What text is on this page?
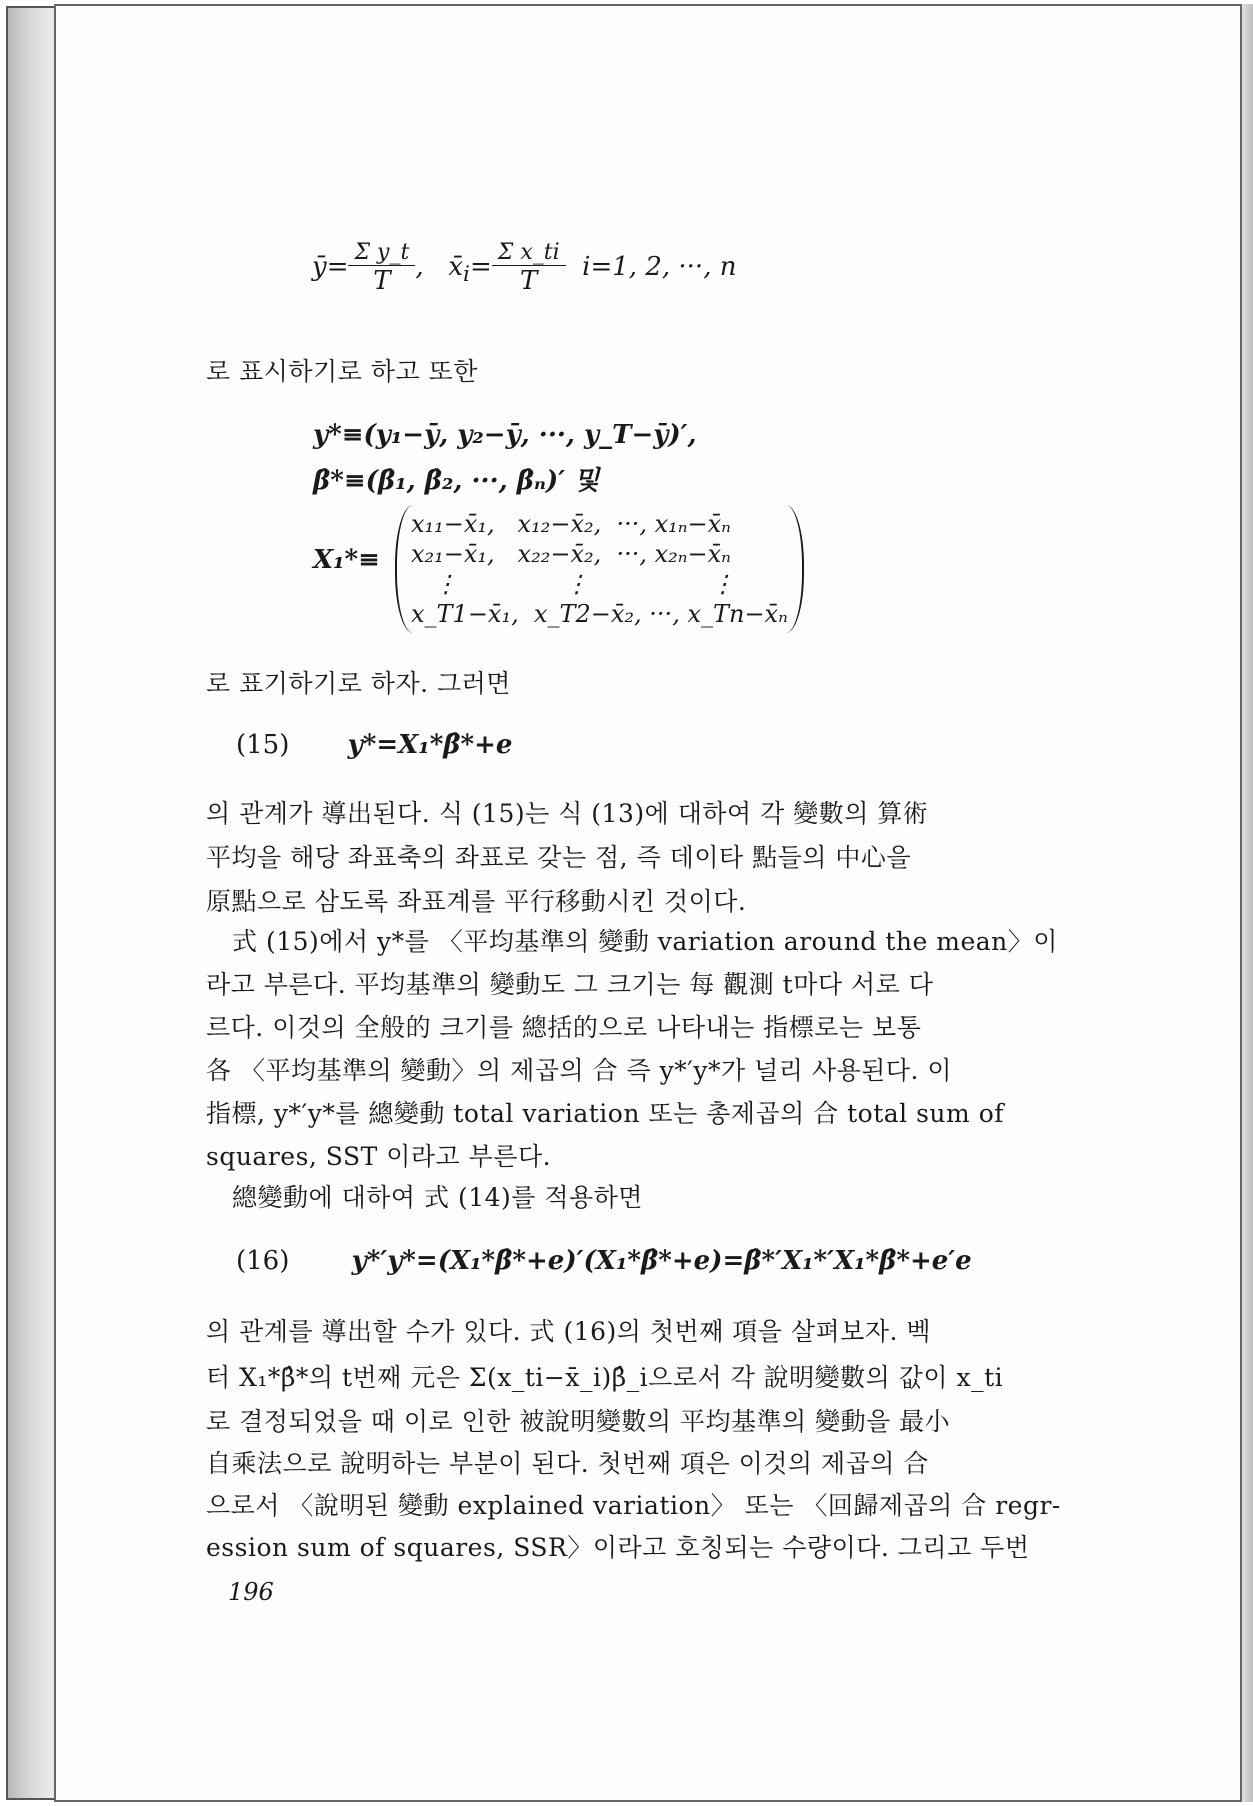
ȳ= $\frac{\text{Σ y\_t}}{T}$ ,   $x̄_i= \frac{\text{Σ x\_ti}}{T} i=1$, 2, ···, n
로 표시하기로 하고 또한
y*≡(y₁−ȳ, y₂−ȳ, ···, y_T−ȳ)′,
β̂*≡(β̂₁, β̂₂, ···, β̂ₙ)′ 및
X₁*≡
x₁₁−x̄₁,   x₁₂−x̄₂,  ···, x₁ₙ−x̄ₙ
x₂₁−x̄₁,   x₂₂−x̄₂,  ···, x₂ₙ−x̄ₙ
⋮              ⋮                ⋮
x_T1−x̄₁,  x_T2−x̄₂, ···, x_Tn−x̄ₙ
로 표기하기로 하자. 그러면
(15) y*=X₁*β̂*+e
의 관계가 導出된다. 식 (15)는 식 (13)에 대하여 각 變數의 算術
平均을 해당 좌표축의 좌표로 갖는 점, 즉 데이타 點들의 中心을
原點으로 삼도록 좌표계를 平行移動시킨 것이다.
式 (15)에서 y*를 〈平均基準의 變動 variation around the mean〉이
라고 부른다. 平均基準의 變動도 그 크기는 每 觀測 t마다 서로 다
르다. 이것의 全般的 크기를 總括的으로 나타내는 指標로는 보통
各 〈平均基準의 變動〉의 제곱의 合 즉 y*′y*가 널리 사용된다. 이
指標, y*′y*를 總變動 total variation 또는 총제곱의 合 total sum of
squares, SST 이라고 부른다.
總變動에 대하여 式 (14)를 적용하면
(16) y*′y*=(X₁*β̂*+e)′(X₁*β̂*+e)=β̂*′X₁*′X₁*β̂*+e′e
의 관계를 導出할 수가 있다. 式 (16)의 첫번째 項을 살펴보자. 벡
터 X₁*β̂*의 t번째 元은 Σ(x_ti−x̄_i)β̂_i으로서 각 說明變數의 값이 x_ti
로 결정되었을 때 이로 인한 被說明變數의 平均基準의 變動을 最小
自乘法으로 說明하는 부분이 된다. 첫번째 項은 이것의 제곱의 合
으로서 〈說明된 變動 explained variation〉 또는 〈回歸제곱의 合 regr-
ession sum of squares, SSR〉이라고 호칭되는 수량이다. 그리고 두번
196
